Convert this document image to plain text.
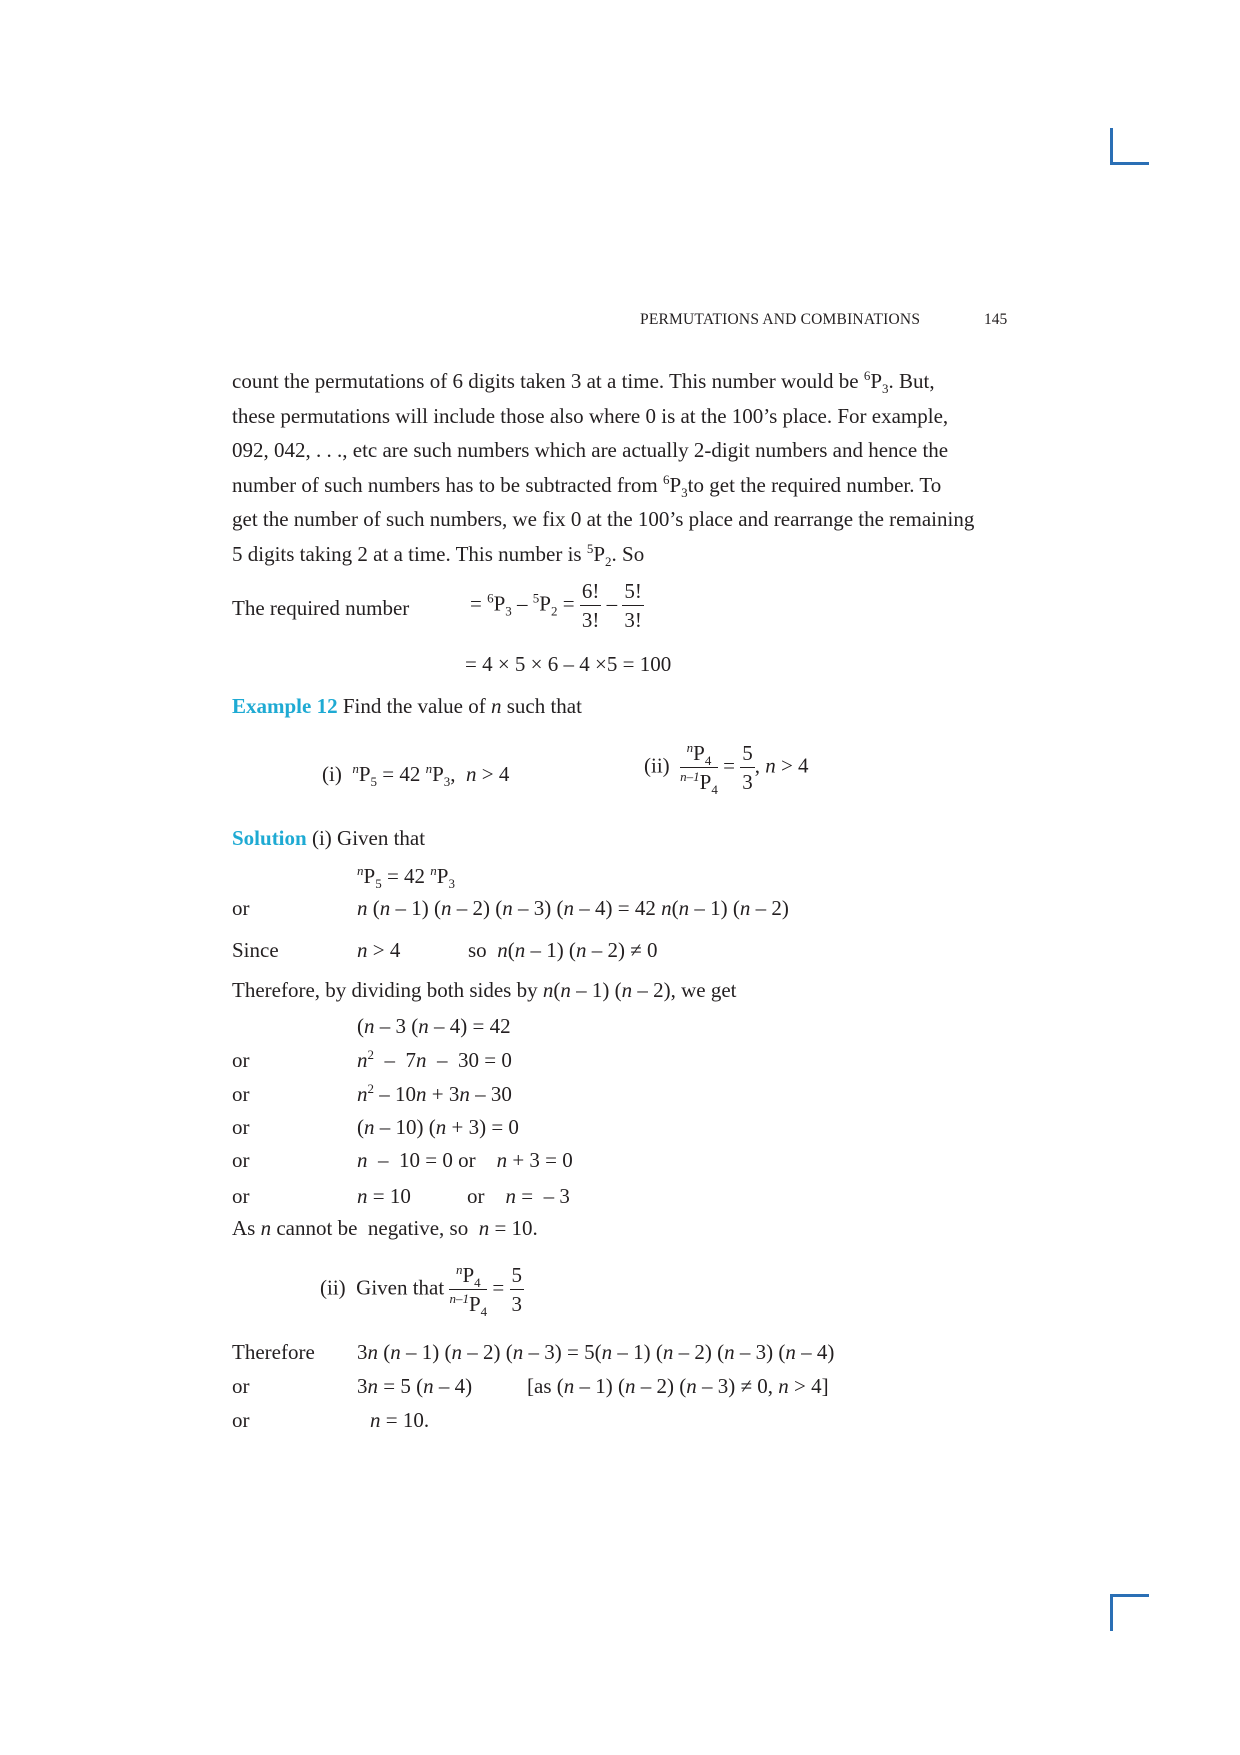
PERMUTATIONS AND COMBINATIONS	145
count the permutations of 6 digits taken 3 at a time. This number would be $^6P_3$. But,
these permutations will include those also where 0 is at the 100’s place. For example,
092, 042, . . ., etc are such numbers which are actually 2-digit numbers and hence the
number of such numbers has to be subtracted from $^6P_3to$ get the required number. To
get the number of such numbers, we fix 0 at the 100’s place and rearrange the remaining
5 digits taking 2 at a time. This number is $^5P_2$. So
The required number	= $^6P_3 - ^5P_2 = \frac{6!}{3!} - \frac{5!}{3!}$
= 4 × 5 × 6 – 4 ×5 = 100
Example 12 Find the value of n such that
(i)  $^nP_5 = 42$ $^nP_3$,  n > 4	$(ii) \frac{^nP_4}{^{n-1}P_4} = \frac{5}{3}$ , n > 4
Solution (i) Given that
$^nP_5 = 42$ $^nP_3$
or	n (n – 1) (n – 2) (n – 3) (n – 4) = 42 n(n – 1) (n – 2)
Since	n > 4	so  n(n – 1) (n – 2) ≠ 0
Therefore, by dividing both sides by n(n – 1) (n – 2), we get
(n – 3 (n – 4) = 42
or	$n^2 - 7n - 30 = 0$
or	$n^2 - 10n + 3n - 30$
or	(n – 10) (n + 3) = 0
or	n  –  10 = 0 or    n + 3 = 0
or	n = 10	or    n =  – 3
As n cannot be  negative, so  n = 10.
(ii)  Given that $\frac{^nP_4}{^{n-1}P_4} = \frac{5}{3}$
Therefore 3n (n – 1) (n – 2) (n – 3) = 5(n – 1) (n – 2) (n – 3) (n – 4)
or	3n = 5 (n – 4)	[as (n – 1) (n – 2) (n – 3) ≠ 0, n > 4]
or	n = 10.
